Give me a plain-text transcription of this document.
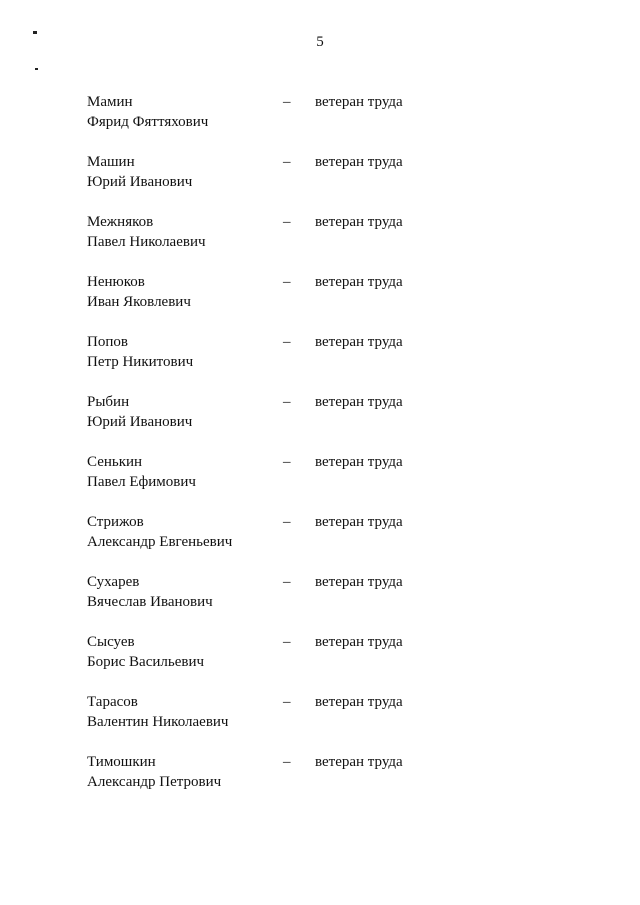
5
Мамин
Фярид Фяттяхович
– ветеран труда
Машин
Юрий Иванович
– ветеран труда
Межняков
Павел Николаевич
– ветеран труда
Ненюков
Иван Яковлевич
– ветеран труда
Попов
Петр Никитович
– ветеран труда
Рыбин
Юрий Иванович
– ветеран труда
Сенькин
Павел Ефимович
– ветеран труда
Стрижов
Александр Евгеньевич
– ветеран труда
Сухарев
Вячеслав Иванович
– ветеран труда
Сысуев
Борис Васильевич
– ветеран труда
Тарасов
Валентин Николаевич
– ветеран труда
Тимошкин
Александр Петрович
– ветеран труда
